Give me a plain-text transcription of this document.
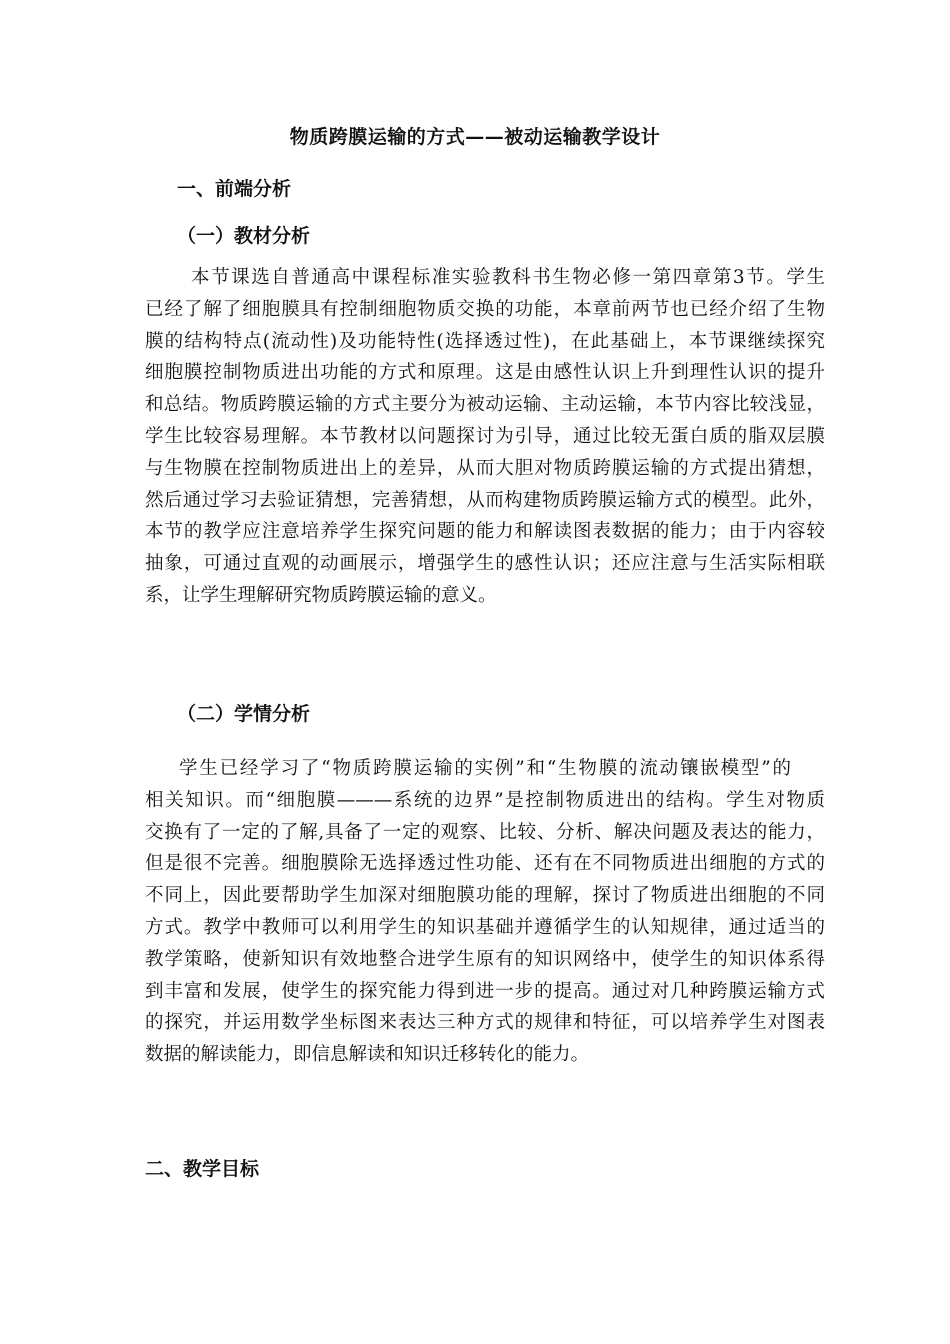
物质跨膜运输的方式——被动运输教学设计
一、前端分析
（一）教材分析
本节课选自普通高中课程标准实验教科书生物必修一第四章第3节。学生
已经了解了细胞膜具有控制细胞物质交换的功能，本章前两节也已经介绍了生物
膜的结构特点(流动性)及功能特性(选择透过性)，在此基础上，本节课继续探究
细胞膜控制物质进出功能的方式和原理。这是由感性认识上升到理性认识的提升
和总结。物质跨膜运输的方式主要分为被动运输、主动运输，本节内容比较浅显，
学生比较容易理解。本节教材以问题探讨为引导，通过比较无蛋白质的脂双层膜
与生物膜在控制物质进出上的差异，从而大胆对物质跨膜运输的方式提出猜想，
然后通过学习去验证猜想，完善猜想，从而构建物质跨膜运输方式的模型。此外，
本节的教学应注意培养学生探究问题的能力和解读图表数据的能力；由于内容较
抽象，可通过直观的动画展示，增强学生的感性认识；还应注意与生活实际相联
系，让学生理解研究物质跨膜运输的意义。
（二）学情分析
学生已经学习了“物质跨膜运输的实例”和“生物膜的流动镶嵌模型”的
相关知识。而“细胞膜———系统的边界”是控制物质进出的结构。学生对物质
交换有了一定的了解,具备了一定的观察、比较、分析、解决问题及表达的能力，
但是很不完善。细胞膜除无选择透过性功能、还有在不同物质进出细胞的方式的
不同上，因此要帮助学生加深对细胞膜功能的理解，探讨了物质进出细胞的不同
方式。教学中教师可以利用学生的知识基础并遵循学生的认知规律，通过适当的
教学策略，使新知识有效地整合进学生原有的知识网络中，使学生的知识体系得
到丰富和发展，使学生的探究能力得到进一步的提高。通过对几种跨膜运输方式
的探究，并运用数学坐标图来表达三种方式的规律和特征，可以培养学生对图表
数据的解读能力，即信息解读和知识迁移转化的能力。
二、教学目标
